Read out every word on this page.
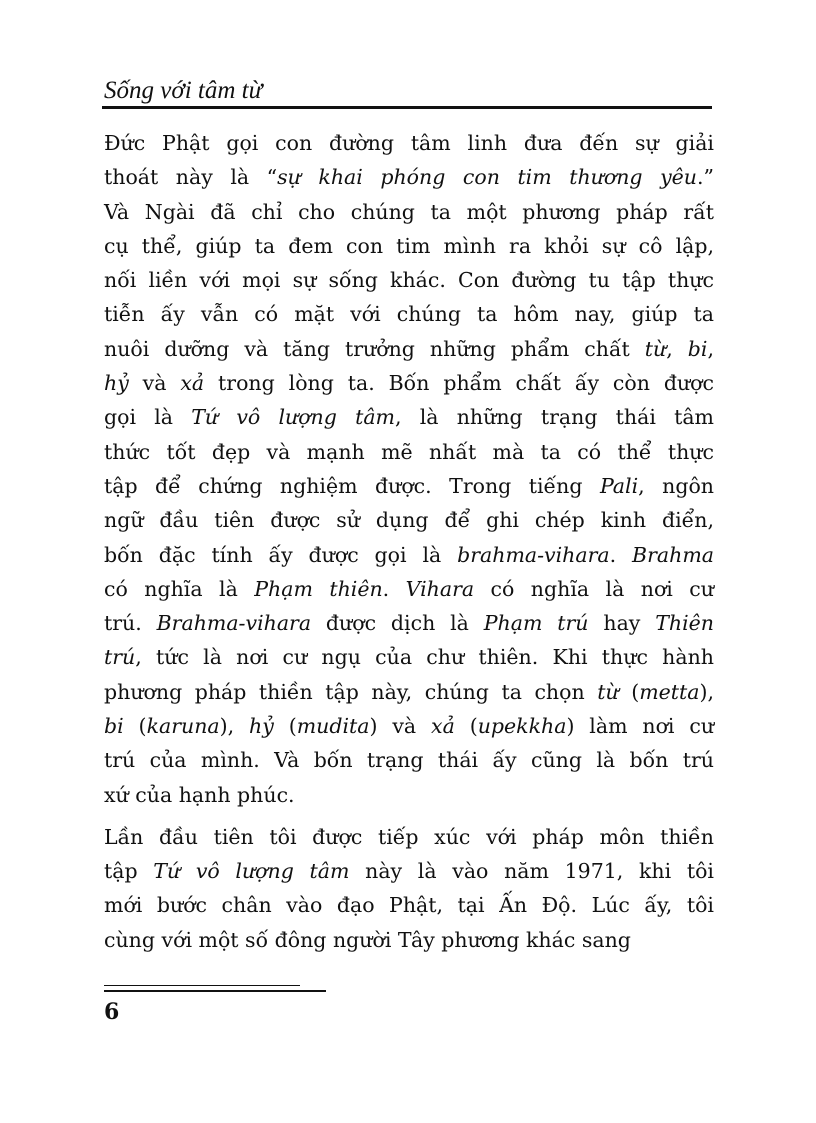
Sống với tâm từ
Đức Phật gọi con đường tâm linh đưa đến sự giải
thoát này là “sự khai phóng con tim thương yêu.”
Và Ngài đã chỉ cho chúng ta một phương pháp rất
cụ thể, giúp ta đem con tim mình ra khỏi sự cô lập,
nối liền với mọi sự sống khác. Con đường tu tập thực
tiễn ấy vẫn có mặt với chúng ta hôm nay, giúp ta
nuôi dưỡng và tăng trưởng những phẩm chất từ, bi,
hỷ và xả trong lòng ta. Bốn phẩm chất ấy còn được
gọi là Tứ vô lượng tâm, là những trạng thái tâm
thức tốt đẹp và mạnh mẽ nhất mà ta có thể thực
tập để chứng nghiệm được. Trong tiếng Pali, ngôn
ngữ đầu tiên được sử dụng để ghi chép kinh điển,
bốn đặc tính ấy được gọi là brahma-vihara. Brahma
có nghĩa là Phạm thiên. Vihara có nghĩa là nơi cư
trú. Brahma-vihara được dịch là Phạm trú hay Thiên
trú, tức là nơi cư ngụ của chư thiên. Khi thực hành
phương pháp thiền tập này, chúng ta chọn từ (metta),
bi (karuna), hỷ (mudita) và xả (upekkha) làm nơi cư
trú của mình. Và bốn trạng thái ấy cũng là bốn trú
xứ của hạnh phúc.
Lần đầu tiên tôi được tiếp xúc với pháp môn thiền
tập Tứ vô lượng tâm này là vào năm 1971, khi tôi
mới bước chân vào đạo Phật, tại Ấn Độ. Lúc ấy, tôi
cùng với một số đông người Tây phương khác sang
6
